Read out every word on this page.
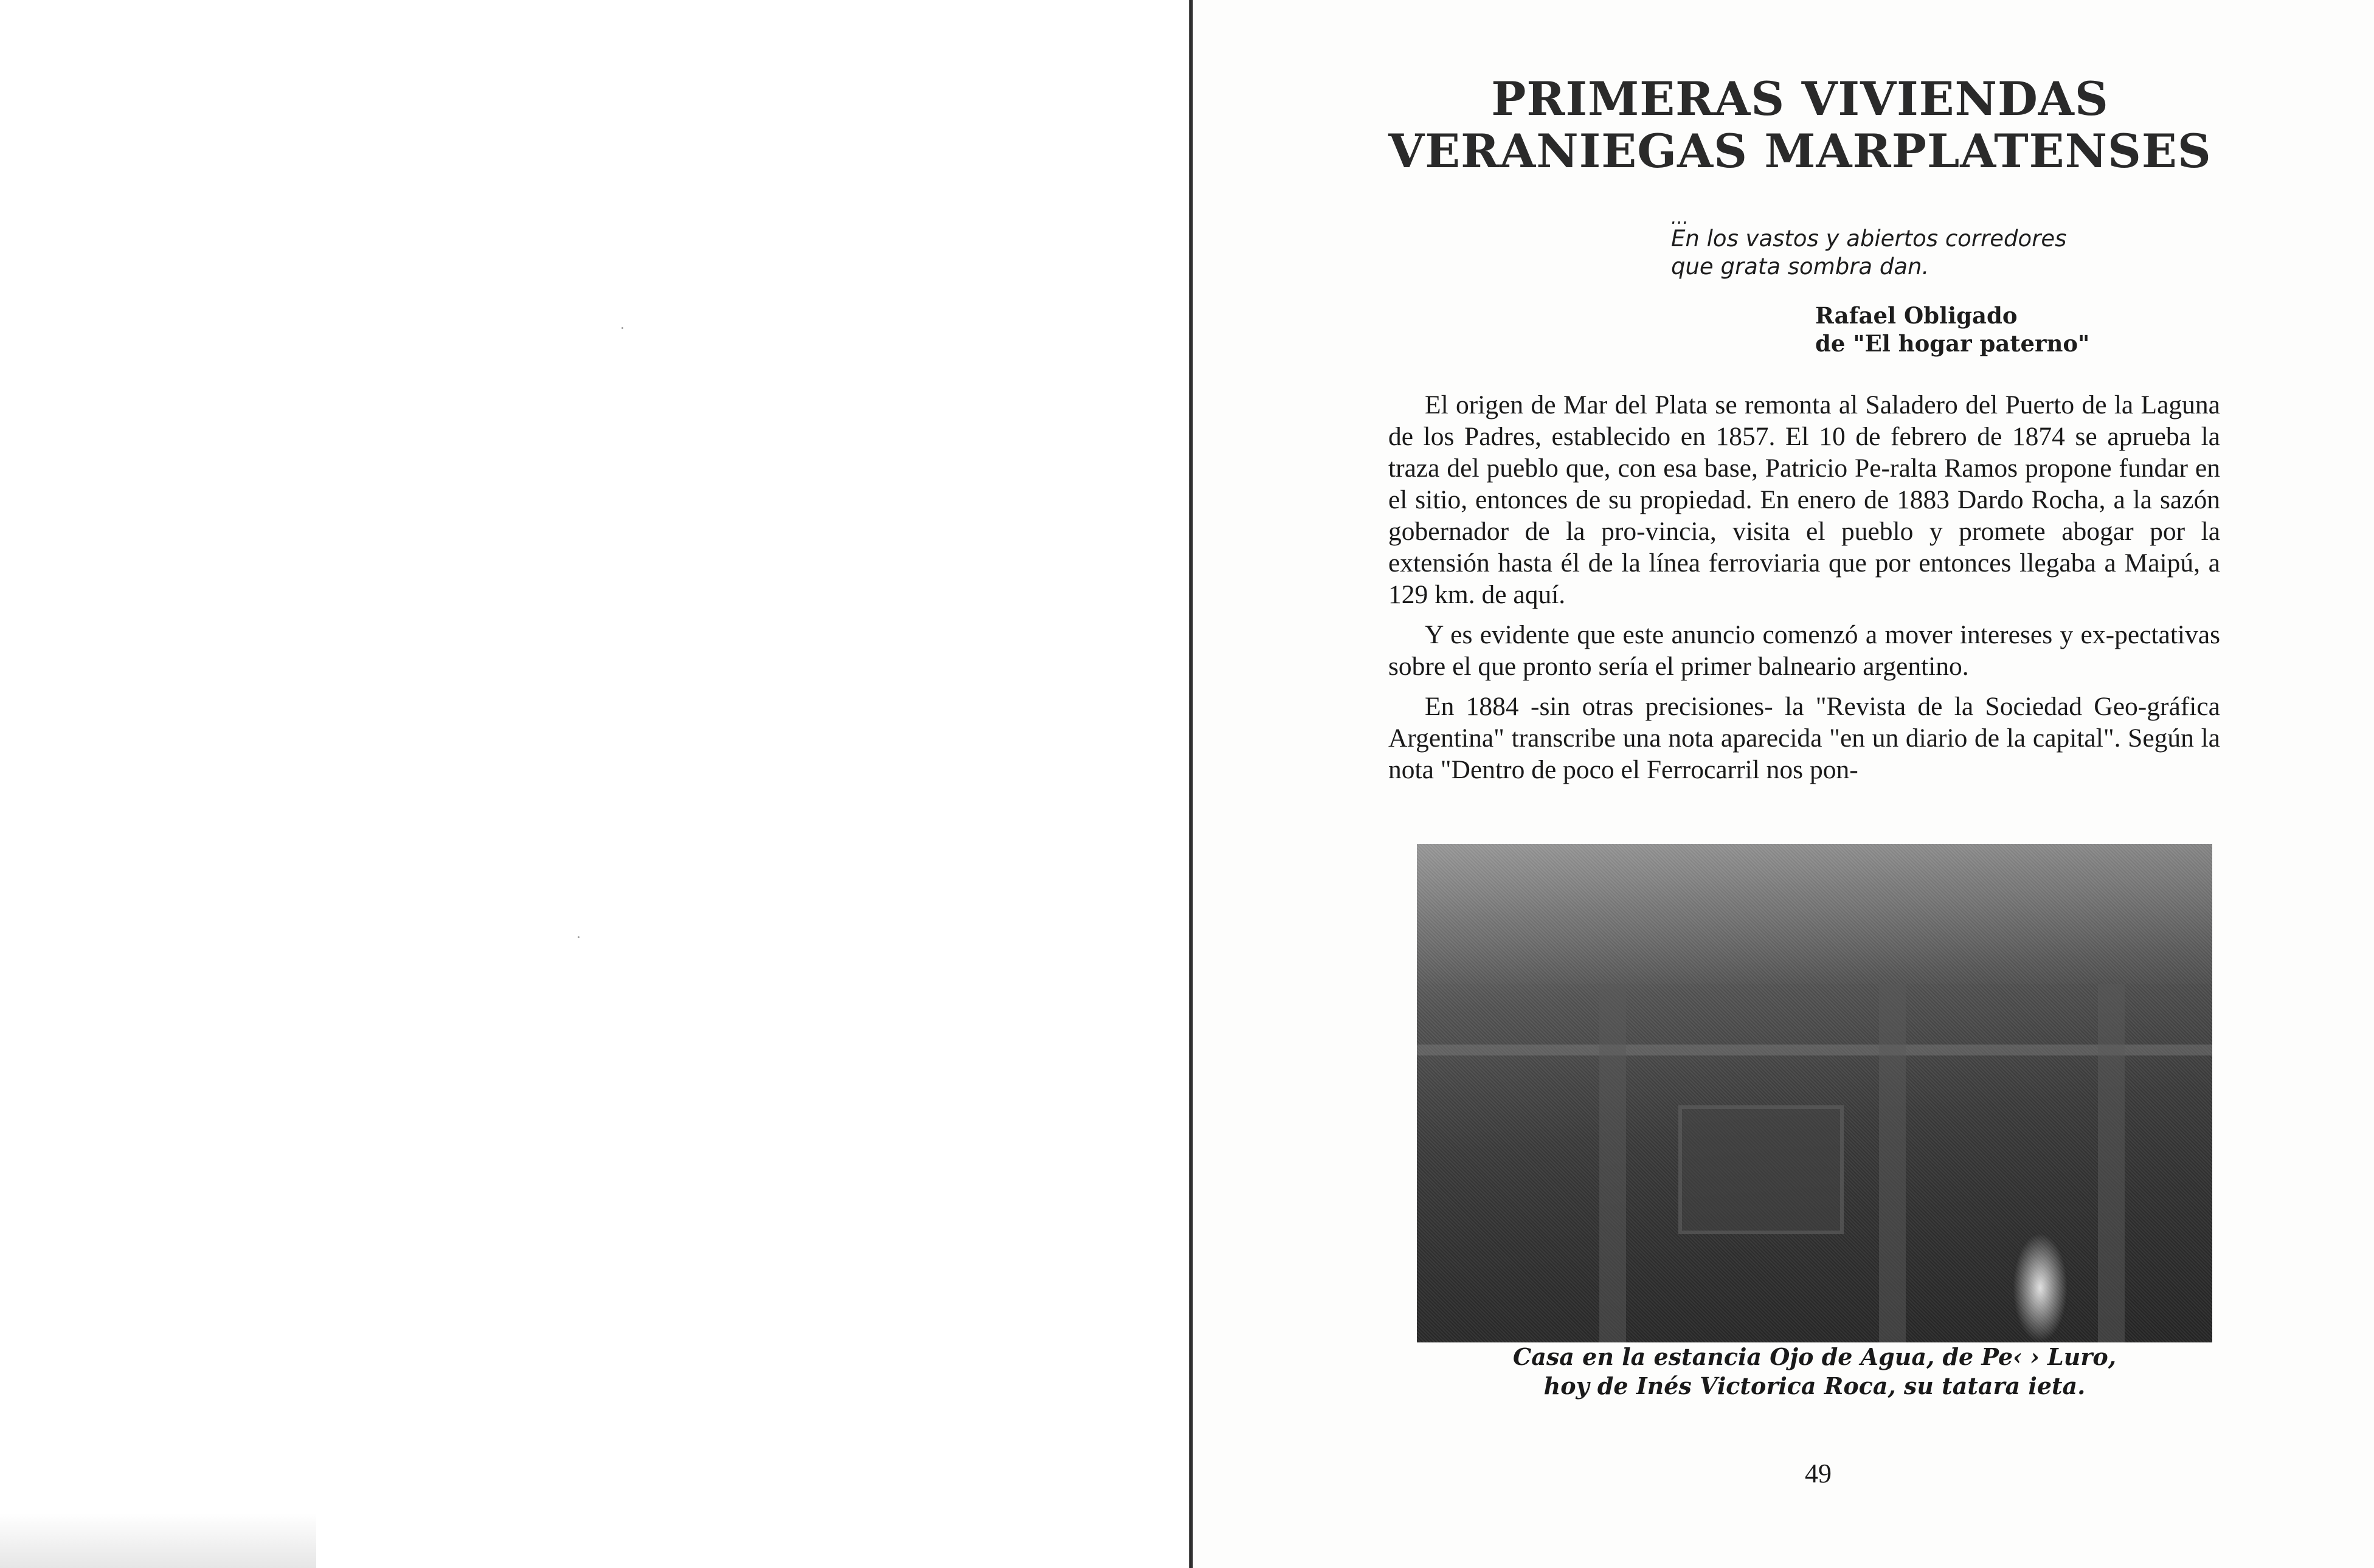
PRIMERAS VIVIENDAS
VERANIEGAS MARPLATENSES
...
En los vastos y abiertos corredores
que grata sombra dan.
Rafael Obligado
de "El hogar paterno"

El origen de Mar del Plata se remonta al Saladero del Puerto de la Laguna de los Padres, establecido en 1857. El 10 de febrero de 1874 se aprueba la traza del pueblo que, con esa base, Patricio Pe-ralta Ramos propone fundar en el sitio, entonces de su propiedad. En enero de 1883 Dardo Rocha, a la sazón gobernador de la pro-vincia, visita el pueblo y promete abogar por la extensión hasta él de la línea ferroviaria que por entonces llegaba a Maipú, a 129 km. de aquí.

Y es evidente que este anuncio comenzó a mover intereses y ex-pectativas sobre el que pronto sería el primer balneario argentino.

En 1884 -sin otras precisiones- la "Revista de la Sociedad Geo-gráfica Argentina" transcribe una nota aparecida "en un diario de la capital". Según la nota "Dentro de poco el Ferrocarril nos pon-

Casa en la estancia Ojo de Agua, de Pe‹ › Luro,
hoy de Inés Victorica Roca, su tatara ieta.
49
